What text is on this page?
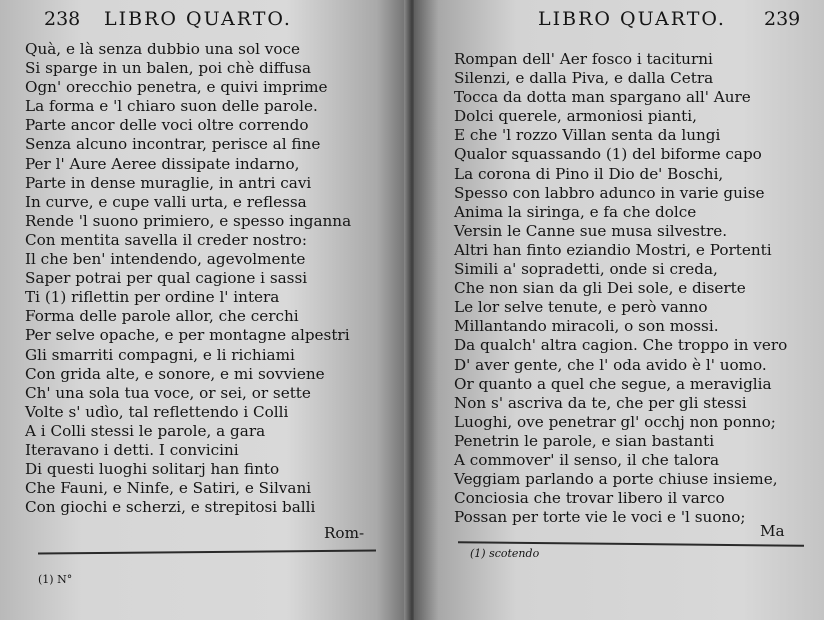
238 LIBRO QUARTO.
Quà, e là senza dubbio una sol voce
Si sparge in un balen, poi chè diffusa
Ogn' orecchio penetra, e quivi imprime
La forma e 'l chiaro suon delle parole.
Parte ancor delle voci oltre correndo
Senza alcuno incontrar, perisce al fine
Per l' Aure Aeree dissipate indarno,
Parte in dense muraglie, in antri cavi
In curve, e cupe valli urta, e reflessa
Rende 'l suono primiero, e spesso inganna
Con mentita savella il creder nostro:
Il che ben' intendendo, agevolmente
Saper potrai per qual cagione i sassi
Ti (1) riflettin per ordine l' intera
Forma delle parole allor, che cerchi
Per selve opache, e per montagne alpestri
Gli smarriti compagni, e li richiami
Con grida alte, e sonore, e mi sovviene
Ch' una sola tua voce, or sei, or sette
Volte s' udìo, tal reflettendo i Colli
A i Colli stessi le parole, a gara
Iteravano i detti. I convicini
Di questi luoghi solitarj han finto
Che Fauni, e Ninfe, e Satiri, e Silvani
Con giochi e scherzi, e strepitosi balli
Rom-
(1) N°
LIBRO QUARTO. 239
Rompan dell' Aer fosco i taciturni
Silenzi, e dalla Piva, e dalla Cetra
Tocca da dotta man spargano all' Aure
Dolci querele, armoniosi pianti,
E che 'l rozzo Villan senta da lungi
Qualor squassando (1) del biforme capo
La corona di Pino il Dio de' Boschi,
Spesso con labbro adunco in varie guise
Anima la siringa, e fa che dolce
Versin le Canne sue musa silvestre.
Altri han finto eziandio Mostri, e Portenti
Simili a' sopradetti, onde si creda,
Che non sian da gli Dei sole, e diserte
Le lor selve tenute, e però vanno
Millantando miracoli, o son mossi.
Da qualch' altra cagion. Che troppo in vero
D' aver gente, che l' oda avido è l' uomo.
Or quanto a quel che segue, a meraviglia
Non s' ascriva da te, che per gli stessi
Luoghi, ove penetrar gl' occhj non ponno;
Penetrin le parole, e sian bastanti
A commover' il senso, il che talora
Veggiam parlando a porte chiuse insieme,
Conciosia che trovar libero il varco
Possan per torte vie le voci e 'l suono;
Ma
(1) scotendo
